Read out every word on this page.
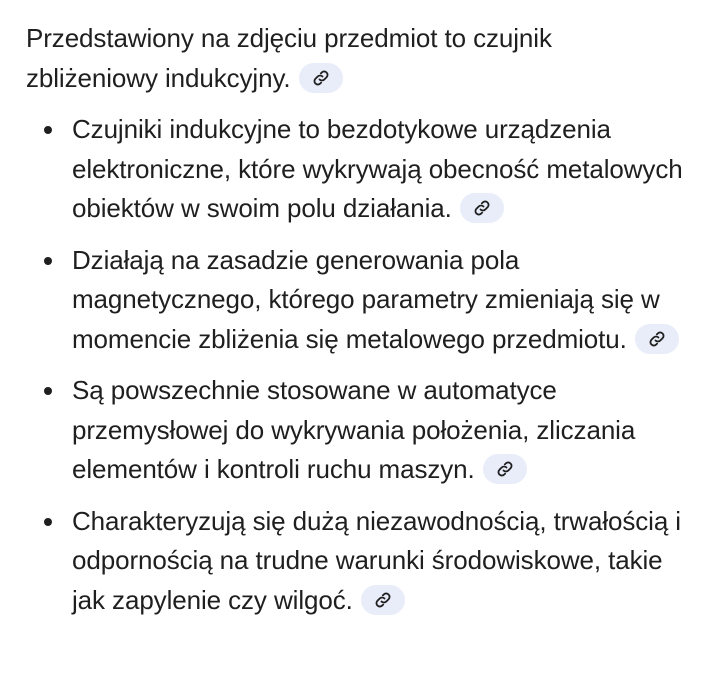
Przedstawiony na zdjęciu przedmiot to czujnik zbliżeniowy indukcyjny.

Czujniki indukcyjne to bezdotykowe urządzenia elektroniczne, które wykrywają obecność metalowych obiektów w swoim polu działania.
Działają na zasadzie generowania pola magnetycznego, którego parametry zmieniają się w momencie zbliżenia się metalowego przedmiotu.
Są powszechnie stosowane w automatyce przemysłowej do wykrywania położenia, zliczania elementów i kontroli ruchu maszyn.
Charakteryzują się dużą niezawodnością, trwałością i odpornością na trudne warunki środowiskowe, takie jak zapylenie czy wilgoć.
